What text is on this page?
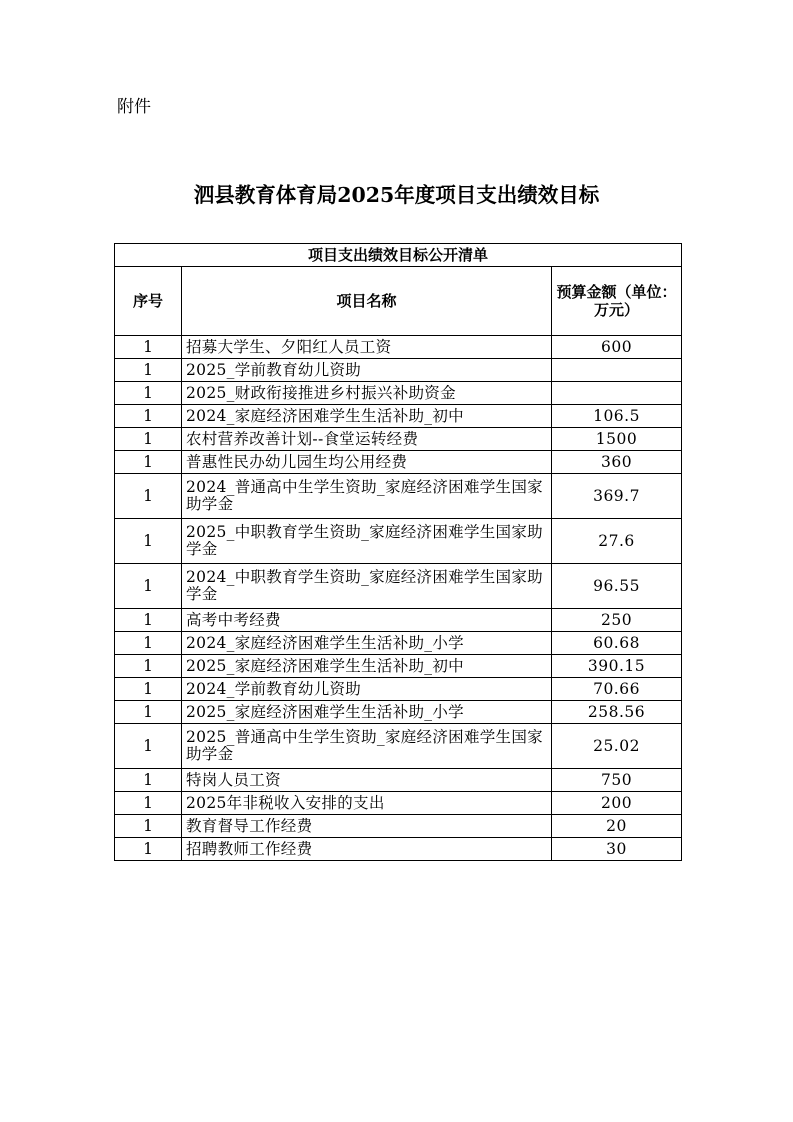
附件
泗县教育体育局2025年度项目支出绩效目标
项目支出绩效目标公开清单		
序号	项目名称	预算金额（单位：万元）
1	招募大学生、夕阳红人员工资	600
1	2025_学前教育幼儿资助	
1	2025_财政衔接推进乡村振兴补助资金	
1	2024_家庭经济困难学生生活补助_初中	106.5
1	农村营养改善计划--食堂运转经费	1500
1	普惠性民办幼儿园生均公用经费	360
1	2024_普通高中生学生资助_家庭经济困难学生国家助学金	369.7
1	2025_中职教育学生资助_家庭经济困难学生国家助学金	27.6
1	2024_中职教育学生资助_家庭经济困难学生国家助学金	96.55
1	高考中考经费	250
1	2024_家庭经济困难学生生活补助_小学	60.68
1	2025_家庭经济困难学生生活补助_初中	390.15
1	2024_学前教育幼儿资助	70.66
1	2025_家庭经济困难学生生活补助_小学	258.56
1	2025_普通高中生学生资助_家庭经济困难学生国家助学金	25.02
1	特岗人员工资	750
1	2025年非税收入安排的支出	200
1	教育督导工作经费	20
1	招聘教师工作经费	30
